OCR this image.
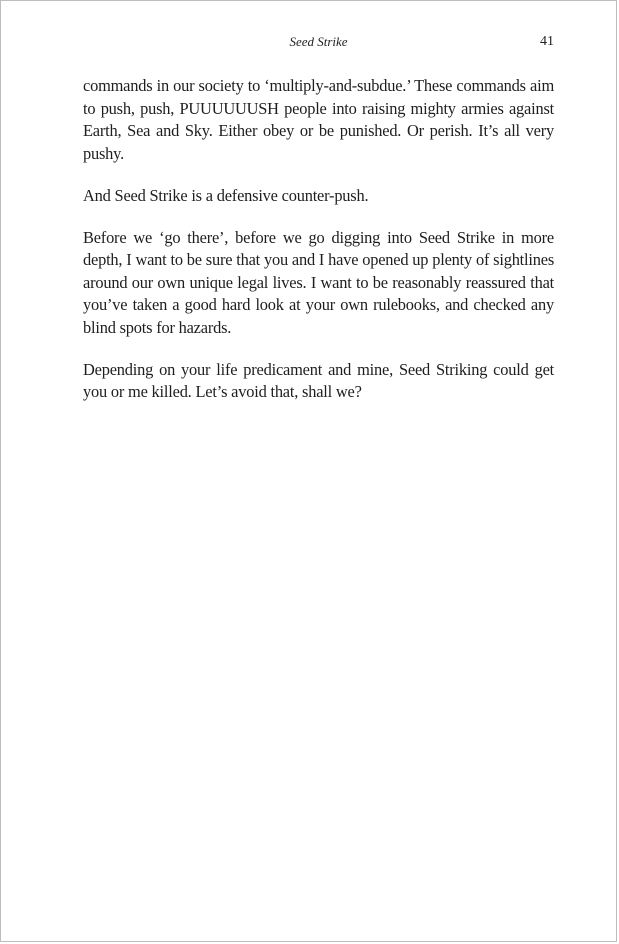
Seed Strike	41

commands in our society to ‘multiply-and-subdue.’ These commands aim to push, push, PUUUUUUSH people into raising mighty armies against Earth, Sea and Sky. Either obey or be punished. Or perish. It’s all very pushy.

And Seed Strike is a defensive counter-push.

Before we ‘go there’, before we go digging into Seed Strike in more depth, I want to be sure that you and I have opened up plenty of sightlines around our own unique legal lives. I want to be reasonably reassured that you’ve taken a good hard look at your own rulebooks, and checked any blind spots for hazards.

Depending on your life predicament and mine, Seed Striking could get you or me killed. Let’s avoid that, shall we?
